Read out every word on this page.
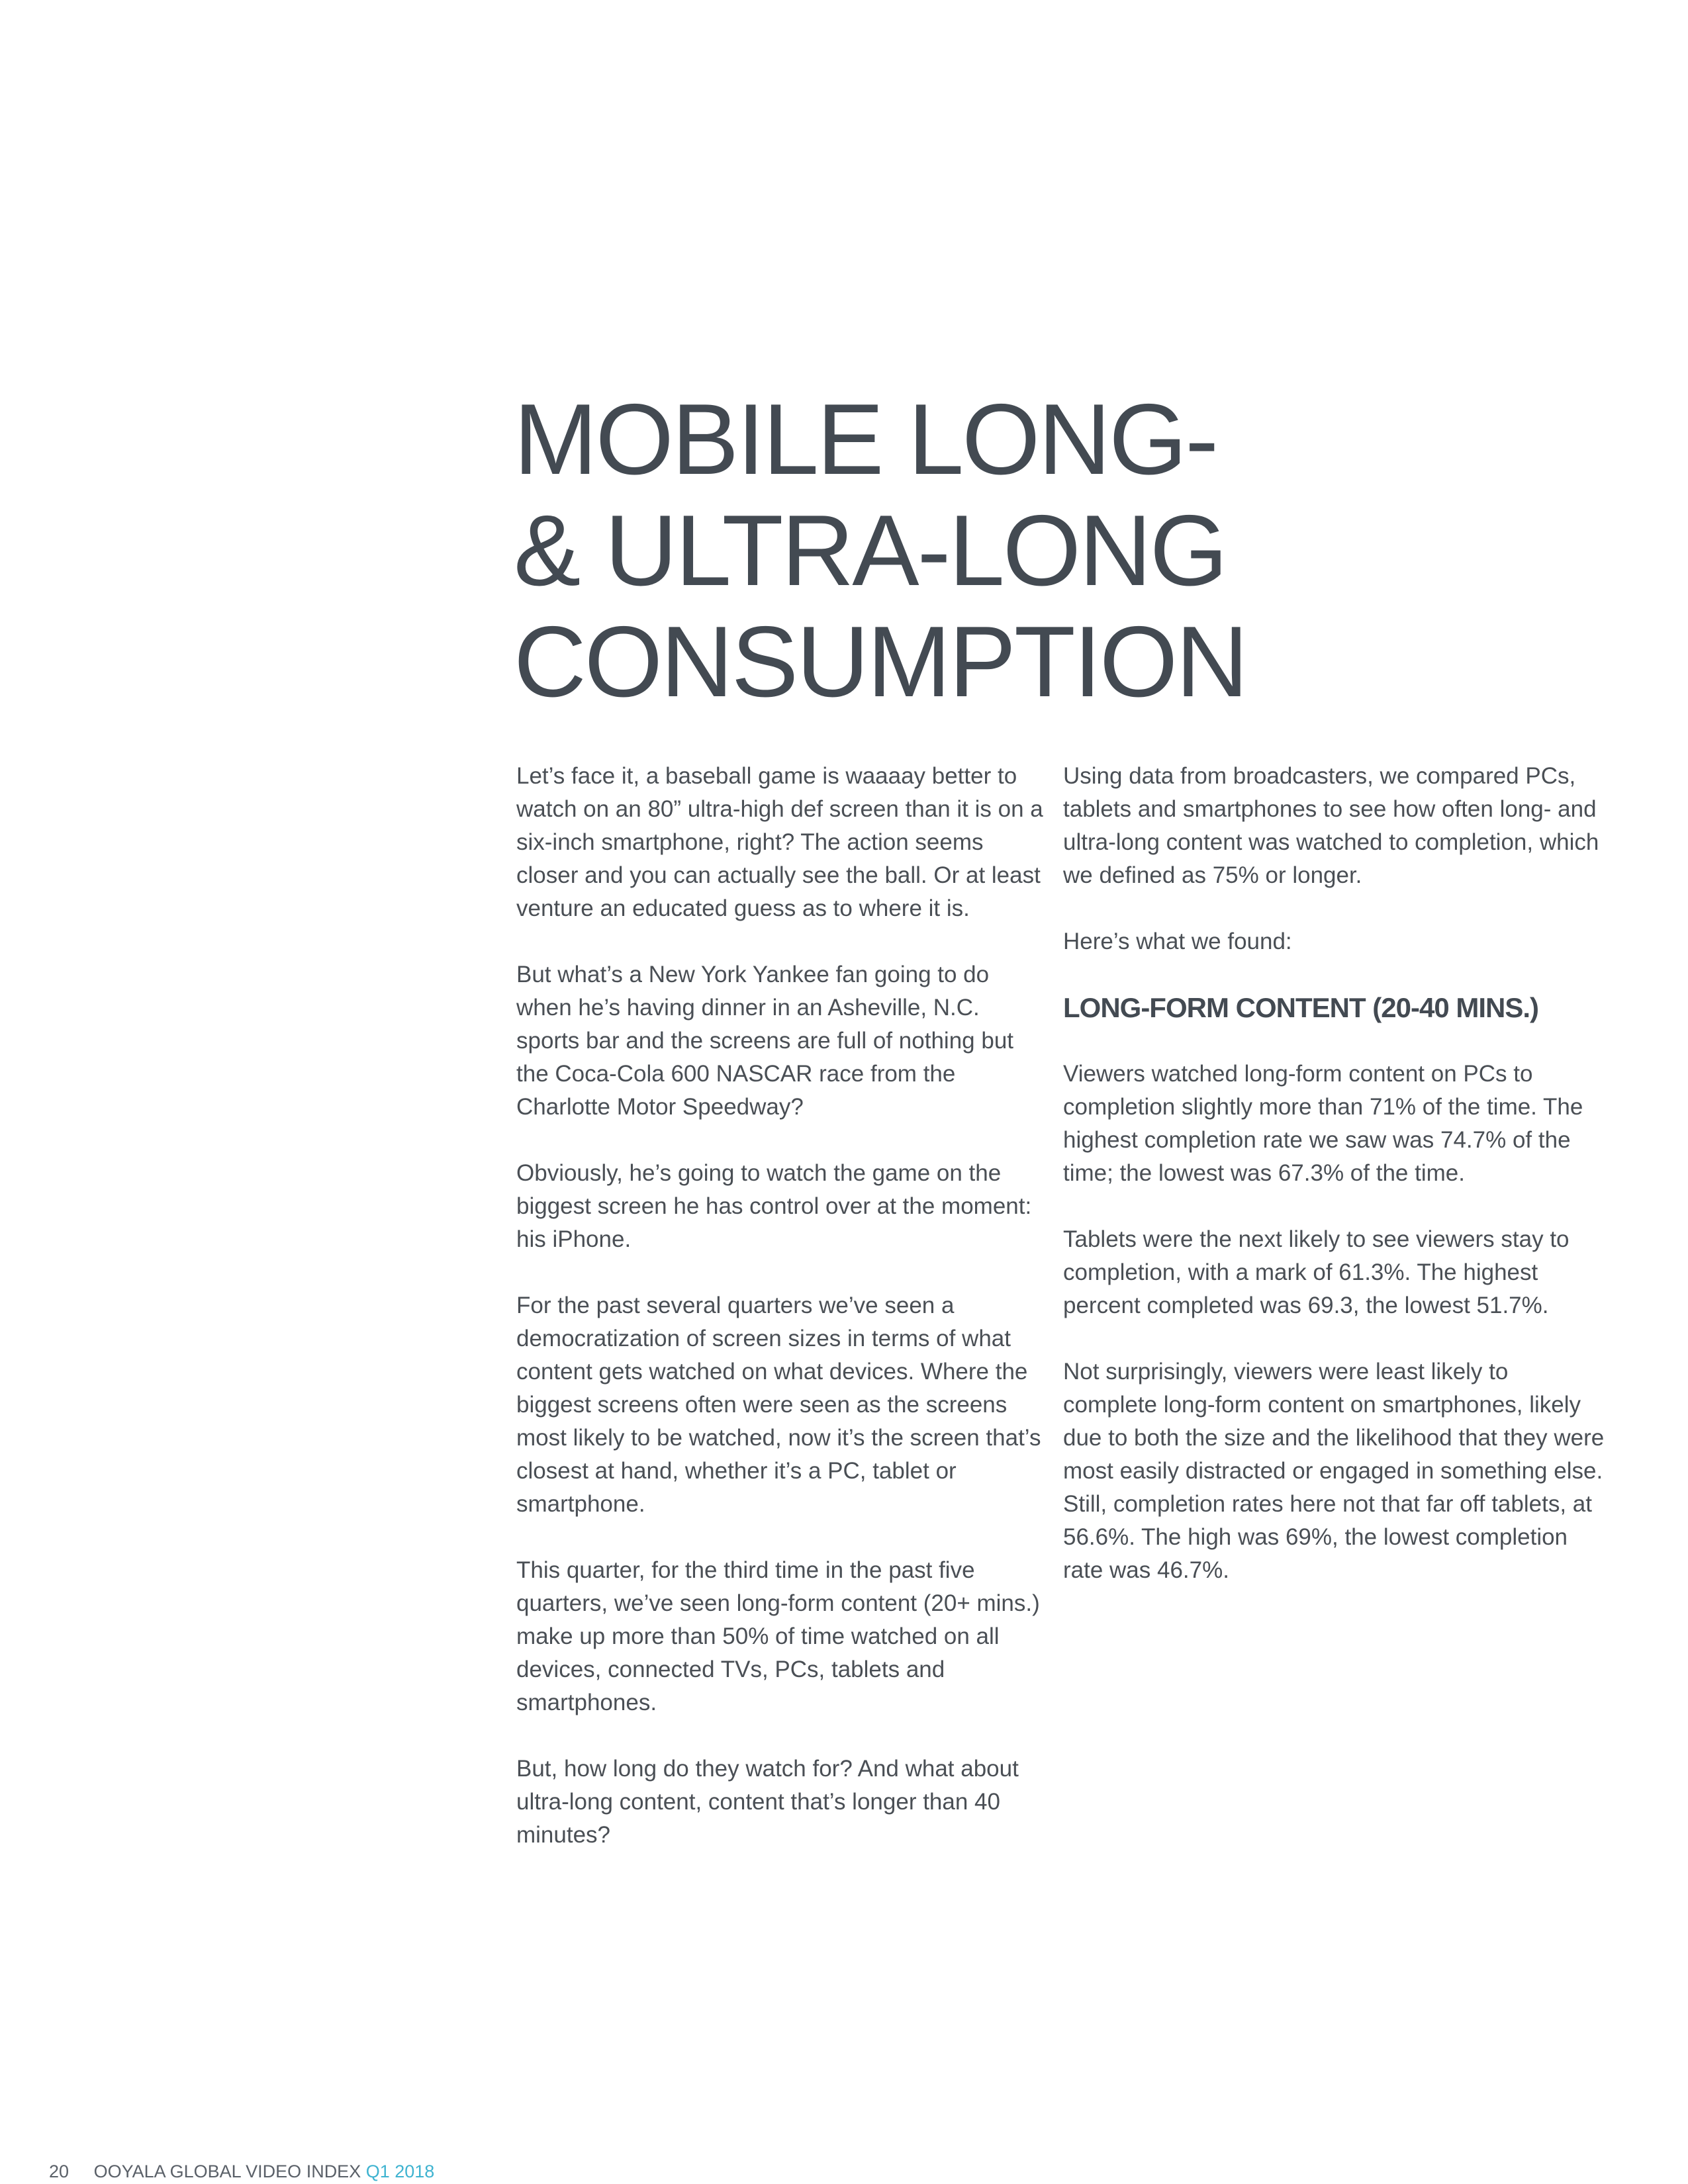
MOBILE LONG-
& ULTRA-LONG
CONSUMPTION

Let’s face it, a baseball game is waaaay better to watch on an 80” ultra-high def screen than it is on a six-inch smartphone, right? The action seems closer and you can actually see the ball. Or at least venture an educated guess as to where it is.

But what’s a New York Yankee fan going to do when he’s having dinner in an Asheville, N.C. sports bar and the screens are full of nothing but the Coca-Cola 600 NASCAR race from the Charlotte Motor Speedway?

Obviously, he’s going to watch the game on the biggest screen he has control over at the moment: his iPhone.

For the past several quarters we’ve seen a democratization of screen sizes in terms of what content gets watched on what devices. Where the biggest screens often were seen as the screens most likely to be watched, now it’s the screen that’s closest at hand, whether it’s a PC, tablet or smartphone.

This quarter, for the third time in the past five quarters, we’ve seen long-form content (20+ mins.) make up more than 50% of time watched on all devices, connected TVs, PCs, tablets and smartphones.

But, how long do they watch for? And what about ultra-long content, content that’s longer than 40 minutes?

Using data from broadcasters, we compared PCs, tablets and smartphones to see how often long- and ultra-long content was watched to completion, which we defined as 75% or longer.

Here’s what we found:

LONG-FORM CONTENT (20-40 MINS.)

Viewers watched long-form content on PCs to completion slightly more than 71% of the time. The highest completion rate we saw was 74.7% of the time; the lowest was 67.3% of the time.

Tablets were the next likely to see viewers stay to completion, with a mark of 61.3%. The highest percent completed was 69.3, the lowest 51.7%.

Not surprisingly, viewers were least likely to complete long-form content on smartphones, likely due to both the size and the likelihood that they were most easily distracted or engaged in something else. Still, completion rates here not that far off tablets, at 56.6%. The high was 69%, the lowest completion rate was 46.7%.

20 OOYALA GLOBAL VIDEO INDEX Q1 2018
